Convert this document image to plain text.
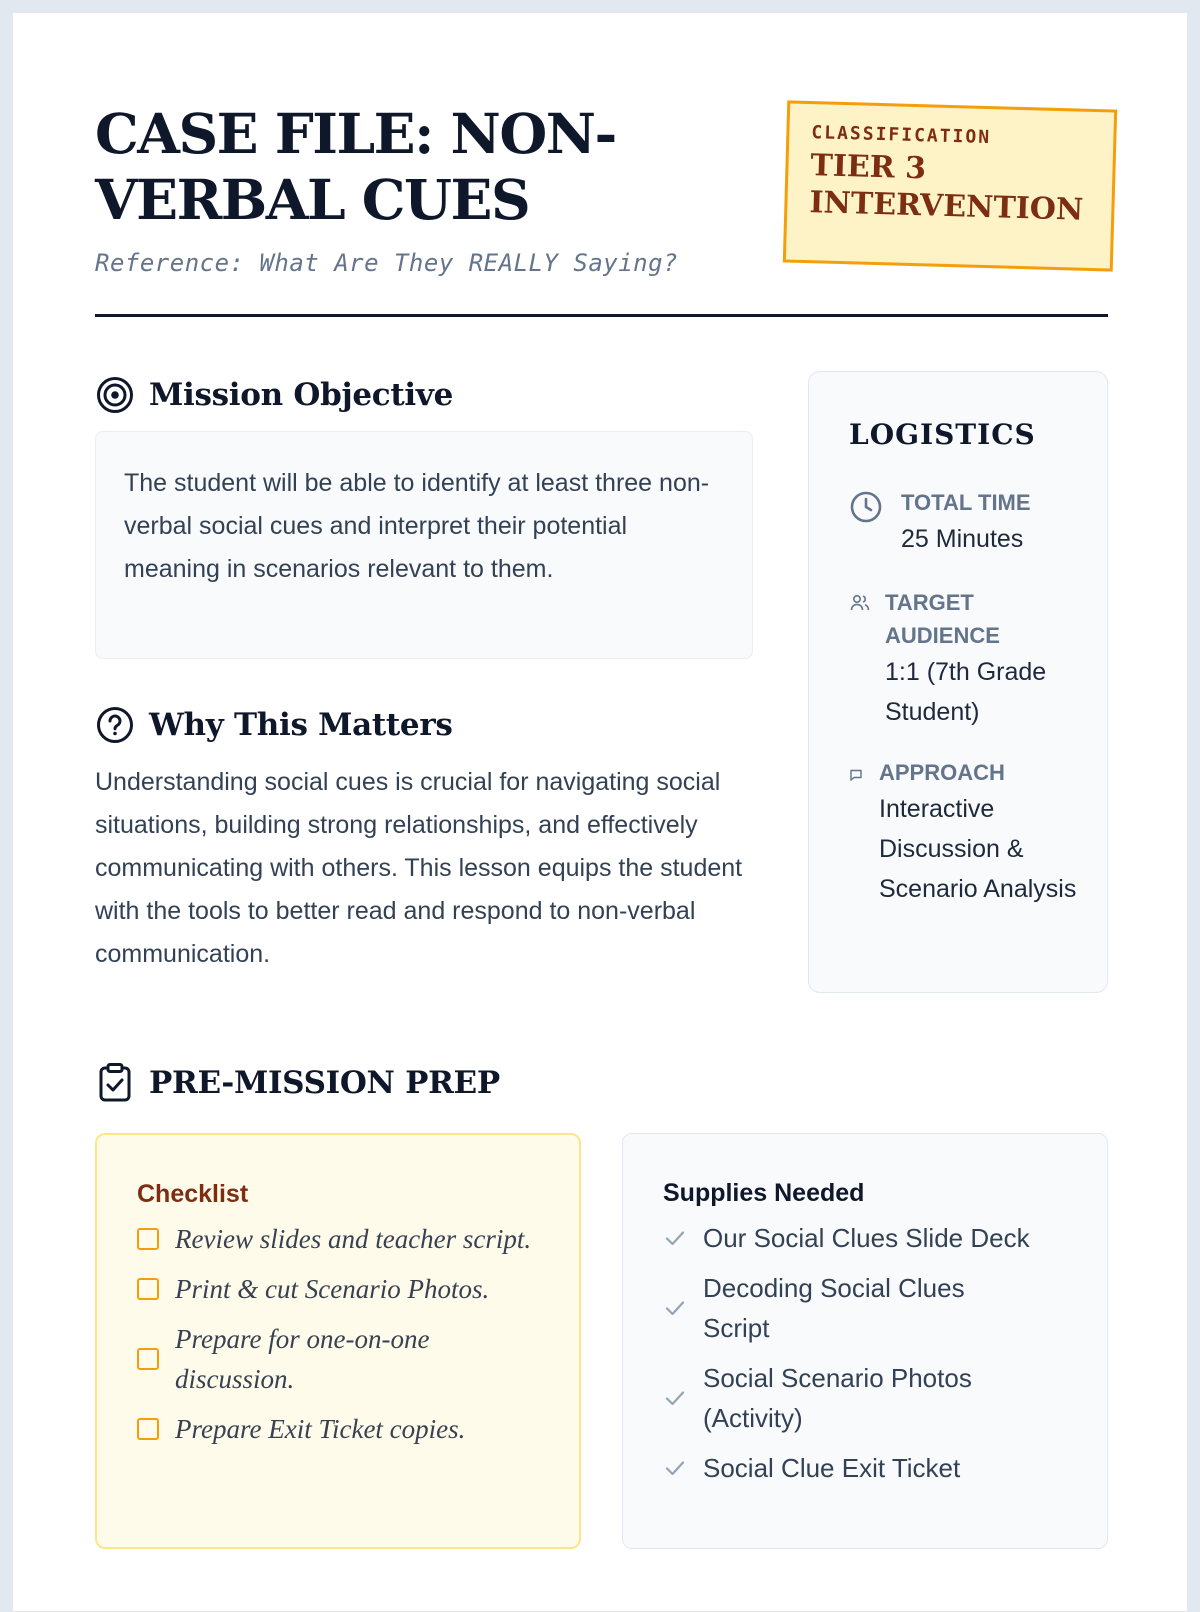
CASE FILE: NON-VERBAL CUES
Reference: What Are They REALLY Saying?
CLASSIFICATION
TIER 3 INTERVENTION
Mission Objective
The student will be able to identify at least three non-verbal social cues and interpret their potential meaning in scenarios relevant to them.
Why This Matters
Understanding social cues is crucial for navigating social situations, building strong relationships, and effectively communicating with others. This lesson equips the student with the tools to better read and respond to non-verbal communication.
LOGISTICS
TOTAL TIME
25 Minutes
TARGET AUDIENCE
1:1 (7th Grade Student)
APPROACH
Interactive Discussion & Scenario Analysis
PRE-MISSION PREP
Checklist
Review slides and teacher script.
Print & cut Scenario Photos.
Prepare for one-on-one discussion.
Prepare Exit Ticket copies.
Supplies Needed
Our Social Clues Slide Deck
Decoding Social Clues Script
Social Scenario Photos (Activity)
Social Clue Exit Ticket
